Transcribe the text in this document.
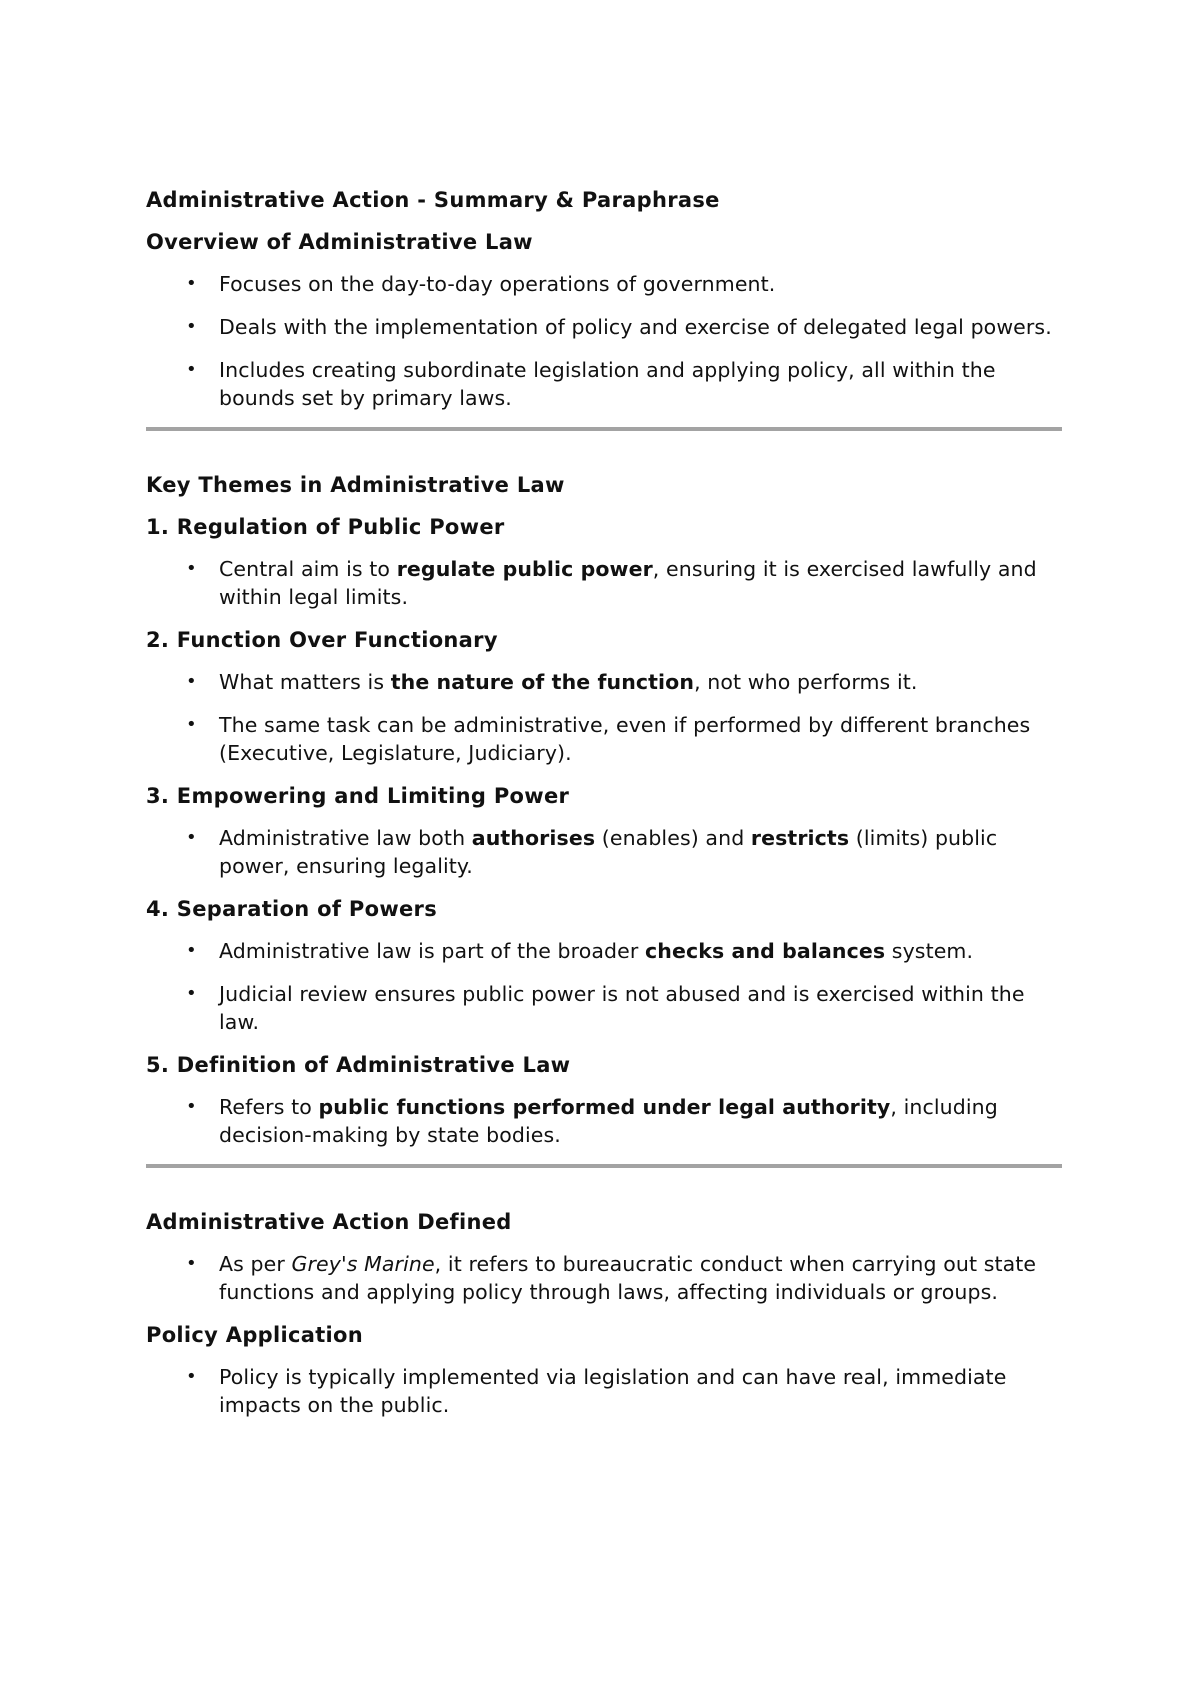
Administrative Action - Summary & Paraphrase
Overview of Administrative Law
• Focuses on the day-to-day operations of government.
• Deals with the implementation of policy and exercise of delegated legal powers.
• Includes creating subordinate legislation and applying policy, all within the bounds set by primary laws.
Key Themes in Administrative Law
1. Regulation of Public Power
• Central aim is to regulate public power, ensuring it is exercised lawfully and within legal limits.
2. Function Over Functionary
• What matters is the nature of the function, not who performs it.
• The same task can be administrative, even if performed by different branches (Executive, Legislature, Judiciary).
3. Empowering and Limiting Power
• Administrative law both authorises (enables) and restricts (limits) public power, ensuring legality.
4. Separation of Powers
• Administrative law is part of the broader checks and balances system.
• Judicial review ensures public power is not abused and is exercised within the law.
5. Definition of Administrative Law
• Refers to public functions performed under legal authority, including decision-making by state bodies.
Administrative Action Defined
• As per Grey's Marine, it refers to bureaucratic conduct when carrying out state functions and applying policy through laws, affecting individuals or groups.
Policy Application
• Policy is typically implemented via legislation and can have real, immediate impacts on the public.
